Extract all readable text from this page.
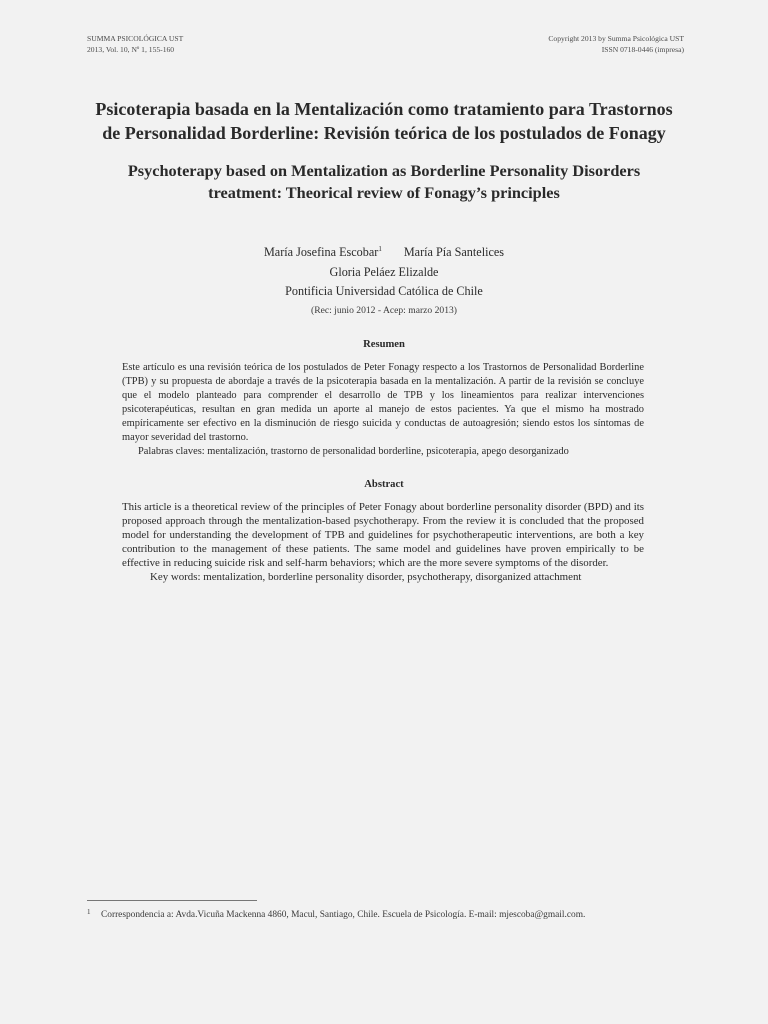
SUMMA PSICOLÓGICA UST
2013, Vol. 10, Nº 1, 155-160
Copyright 2013 by Summa Psicológica UST
ISSN 0718-0446 (impresa)
Psicoterapia basada en la Mentalización como tratamiento para Trastornos
de Personalidad Borderline: Revisión teórica de los postulados de Fonagy
Psychoterapy based on Mentalization as Borderline Personality Disorders
treatment: Theorical review of Fonagy’s principles
María Josefina Escobar$^1$ María Pía Santelices
Gloria Peláez Elizalde
Pontificia Universidad Católica de Chile
(Rec: junio 2012 - Acep: marzo 2013)
Resumen

Este artículo es una revisión teórica de los postulados de Peter Fonagy respecto a los Trastornos de Personalidad Borderline (TPB) y su propuesta de abordaje a través de la psicoterapia basada en la mentalización. A partir de la revisión se concluye que el modelo planteado para comprender el desarrollo de TPB y los lineamientos para realizar intervenciones psicoterapéuticas, resultan en gran medida un aporte al manejo de estos pacientes. Ya que el mismo ha mostrado empíricamente ser efectivo en la disminución de riesgo suicida y conductas de autoagresión; siendo estos los síntomas de mayor severidad del trastorno.

Palabras claves: mentalización, trastorno de personalidad borderline, psicoterapia, apego desorganizado

Abstract

This article is a theoretical review of the principles of Peter Fonagy about borderline personality disorder (BPD) and its proposed approach through the mentalization-based psychotherapy. From the review it is concluded that the proposed model for understanding the development of TPB and guidelines for psychotherapeutic interventions, are both a key contribution to the management of these patients. The same model and guidelines have proven empirically to be effective in reducing suicide risk and self-harm behaviors; which are the more severe symptoms of the disorder.

Key words: mentalization, borderline personality disorder, psychotherapy, disorganized attachment

1 Correspondencia a: Avda.Vicuña Mackenna 4860, Macul, Santiago, Chile. Escuela de Psicología. E-mail: mjescoba@gmail.com.
